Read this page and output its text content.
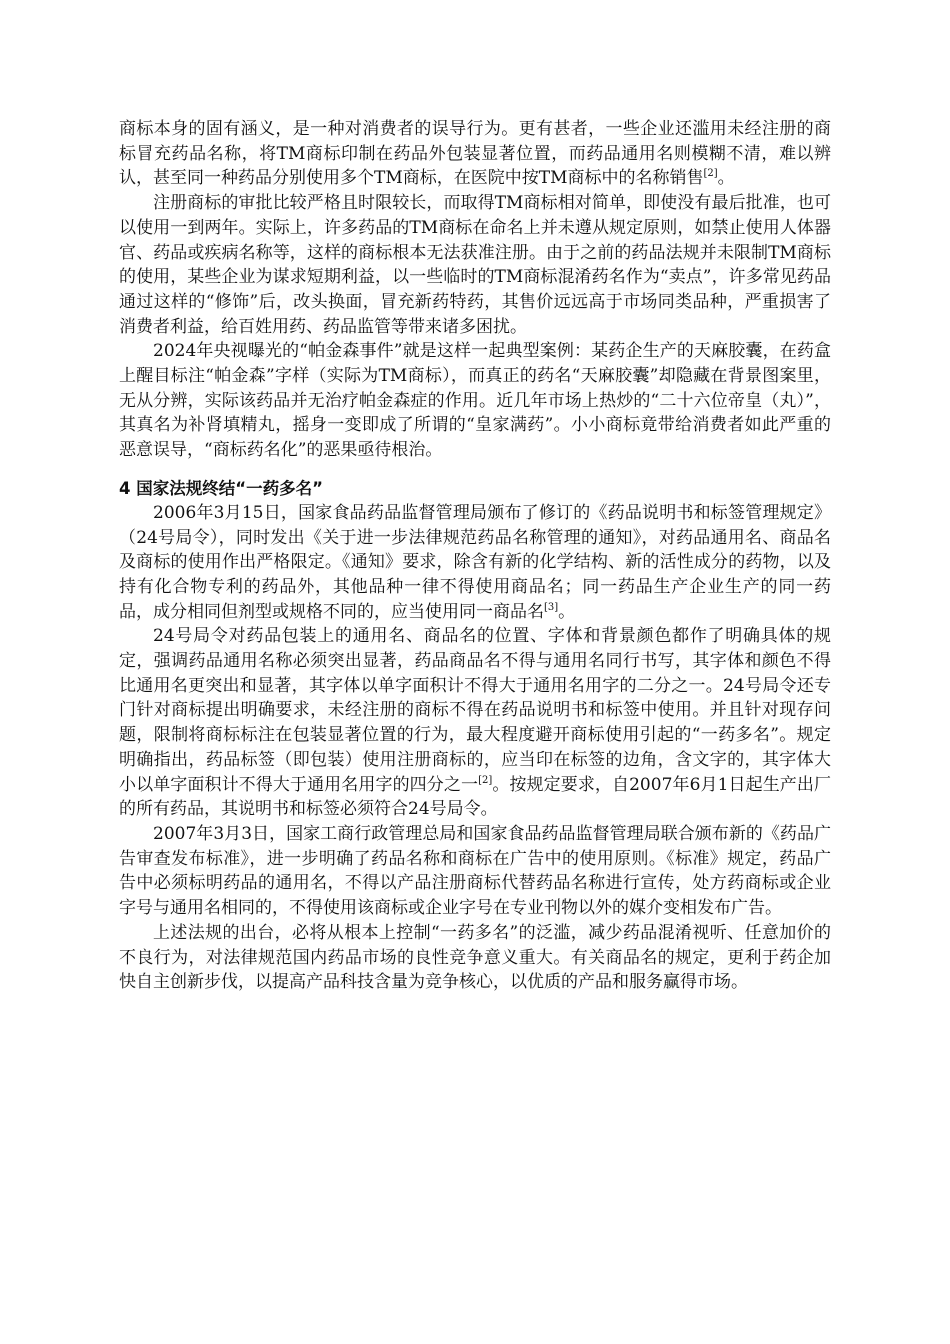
商标本身的固有涵义，是一种对消费者的误导行为。更有甚者，一些企业还滥用未经注册的商标冒充药品名称，将TM商标印制在药品外包装显著位置，而药品通用名则模糊不清，难以辨认，甚至同一种药品分别使用多个TM商标，在医院中按TM商标中的名称销售[2]。

注册商标的审批比较严格且时限较长，而取得TM商标相对简单，即使没有最后批准，也可以使用一到两年。实际上，许多药品的TM商标在命名上并未遵从规定原则，如禁止使用人体器官、药品或疾病名称等，这样的商标根本无法获准注册。由于之前的药品法规并未限制TM商标的使用，某些企业为谋求短期利益，以一些临时的TM商标混淆药名作为“卖点”，许多常见药品通过这样的“修饰”后，改头换面，冒充新药特药，其售价远远高于市场同类品种，严重损害了消费者利益，给百姓用药、药品监管等带来诸多困扰。

2024年央视曝光的“帕金森事件”就是这样一起典型案例：某药企生产的天麻胶囊，在药盒上醒目标注“帕金森”字样（实际为TM商标），而真正的药名“天麻胶囊”却隐藏在背景图案里，无从分辨，实际该药品并无治疗帕金森症的作用。近几年市场上热炒的“二十六位帝皇（丸）”，其真名为补肾填精丸，摇身一变即成了所谓的“皇家满药”。小小商标竟带给消费者如此严重的恶意误导，“商标药名化”的恶果亟待根治。

4 国家法规终结“一药多名”

2006年3月15日，国家食品药品监督管理局颁布了修订的《药品说明书和标签管理规定》（24号局令），同时发出《关于进一步法律规范药品名称管理的通知》，对药品通用名、商品名及商标的使用作出严格限定。《通知》要求，除含有新的化学结构、新的活性成分的药物，以及持有化合物专利的药品外，其他品种一律不得使用商品名；同一药品生产企业生产的同一药品，成分相同但剂型或规格不同的，应当使用同一商品名[3]。

24号局令对药品包装上的通用名、商品名的位置、字体和背景颜色都作了明确具体的规定，强调药品通用名称必须突出显著，药品商品名不得与通用名同行书写，其字体和颜色不得比通用名更突出和显著，其字体以单字面积计不得大于通用名用字的二分之一。24号局令还专门针对商标提出明确要求，未经注册的商标不得在药品说明书和标签中使用。并且针对现存问题，限制将商标标注在包装显著位置的行为，最大程度避开商标使用引起的“一药多名”。规定明确指出，药品标签（即包装）使用注册商标的，应当印在标签的边角，含文字的，其字体大小以单字面积计不得大于通用名用字的四分之一[2]。按规定要求，自2007年6月1日起生产出厂的所有药品，其说明书和标签必须符合24号局令。

2007年3月3日，国家工商行政管理总局和国家食品药品监督管理局联合颁布新的《药品广告审查发布标准》，进一步明确了药品名称和商标在广告中的使用原则。《标准》规定，药品广告中必须标明药品的通用名，不得以产品注册商标代替药品名称进行宣传，处方药商标或企业字号与通用名相同的，不得使用该商标或企业字号在专业刊物以外的媒介变相发布广告。

上述法规的出台，必将从根本上控制“一药多名”的泛滥，减少药品混淆视听、任意加价的不良行为，对法律规范国内药品市场的良性竞争意义重大。有关商品名的规定，更利于药企加快自主创新步伐，以提高产品科技含量为竞争核心，以优质的产品和服务赢得市场。
